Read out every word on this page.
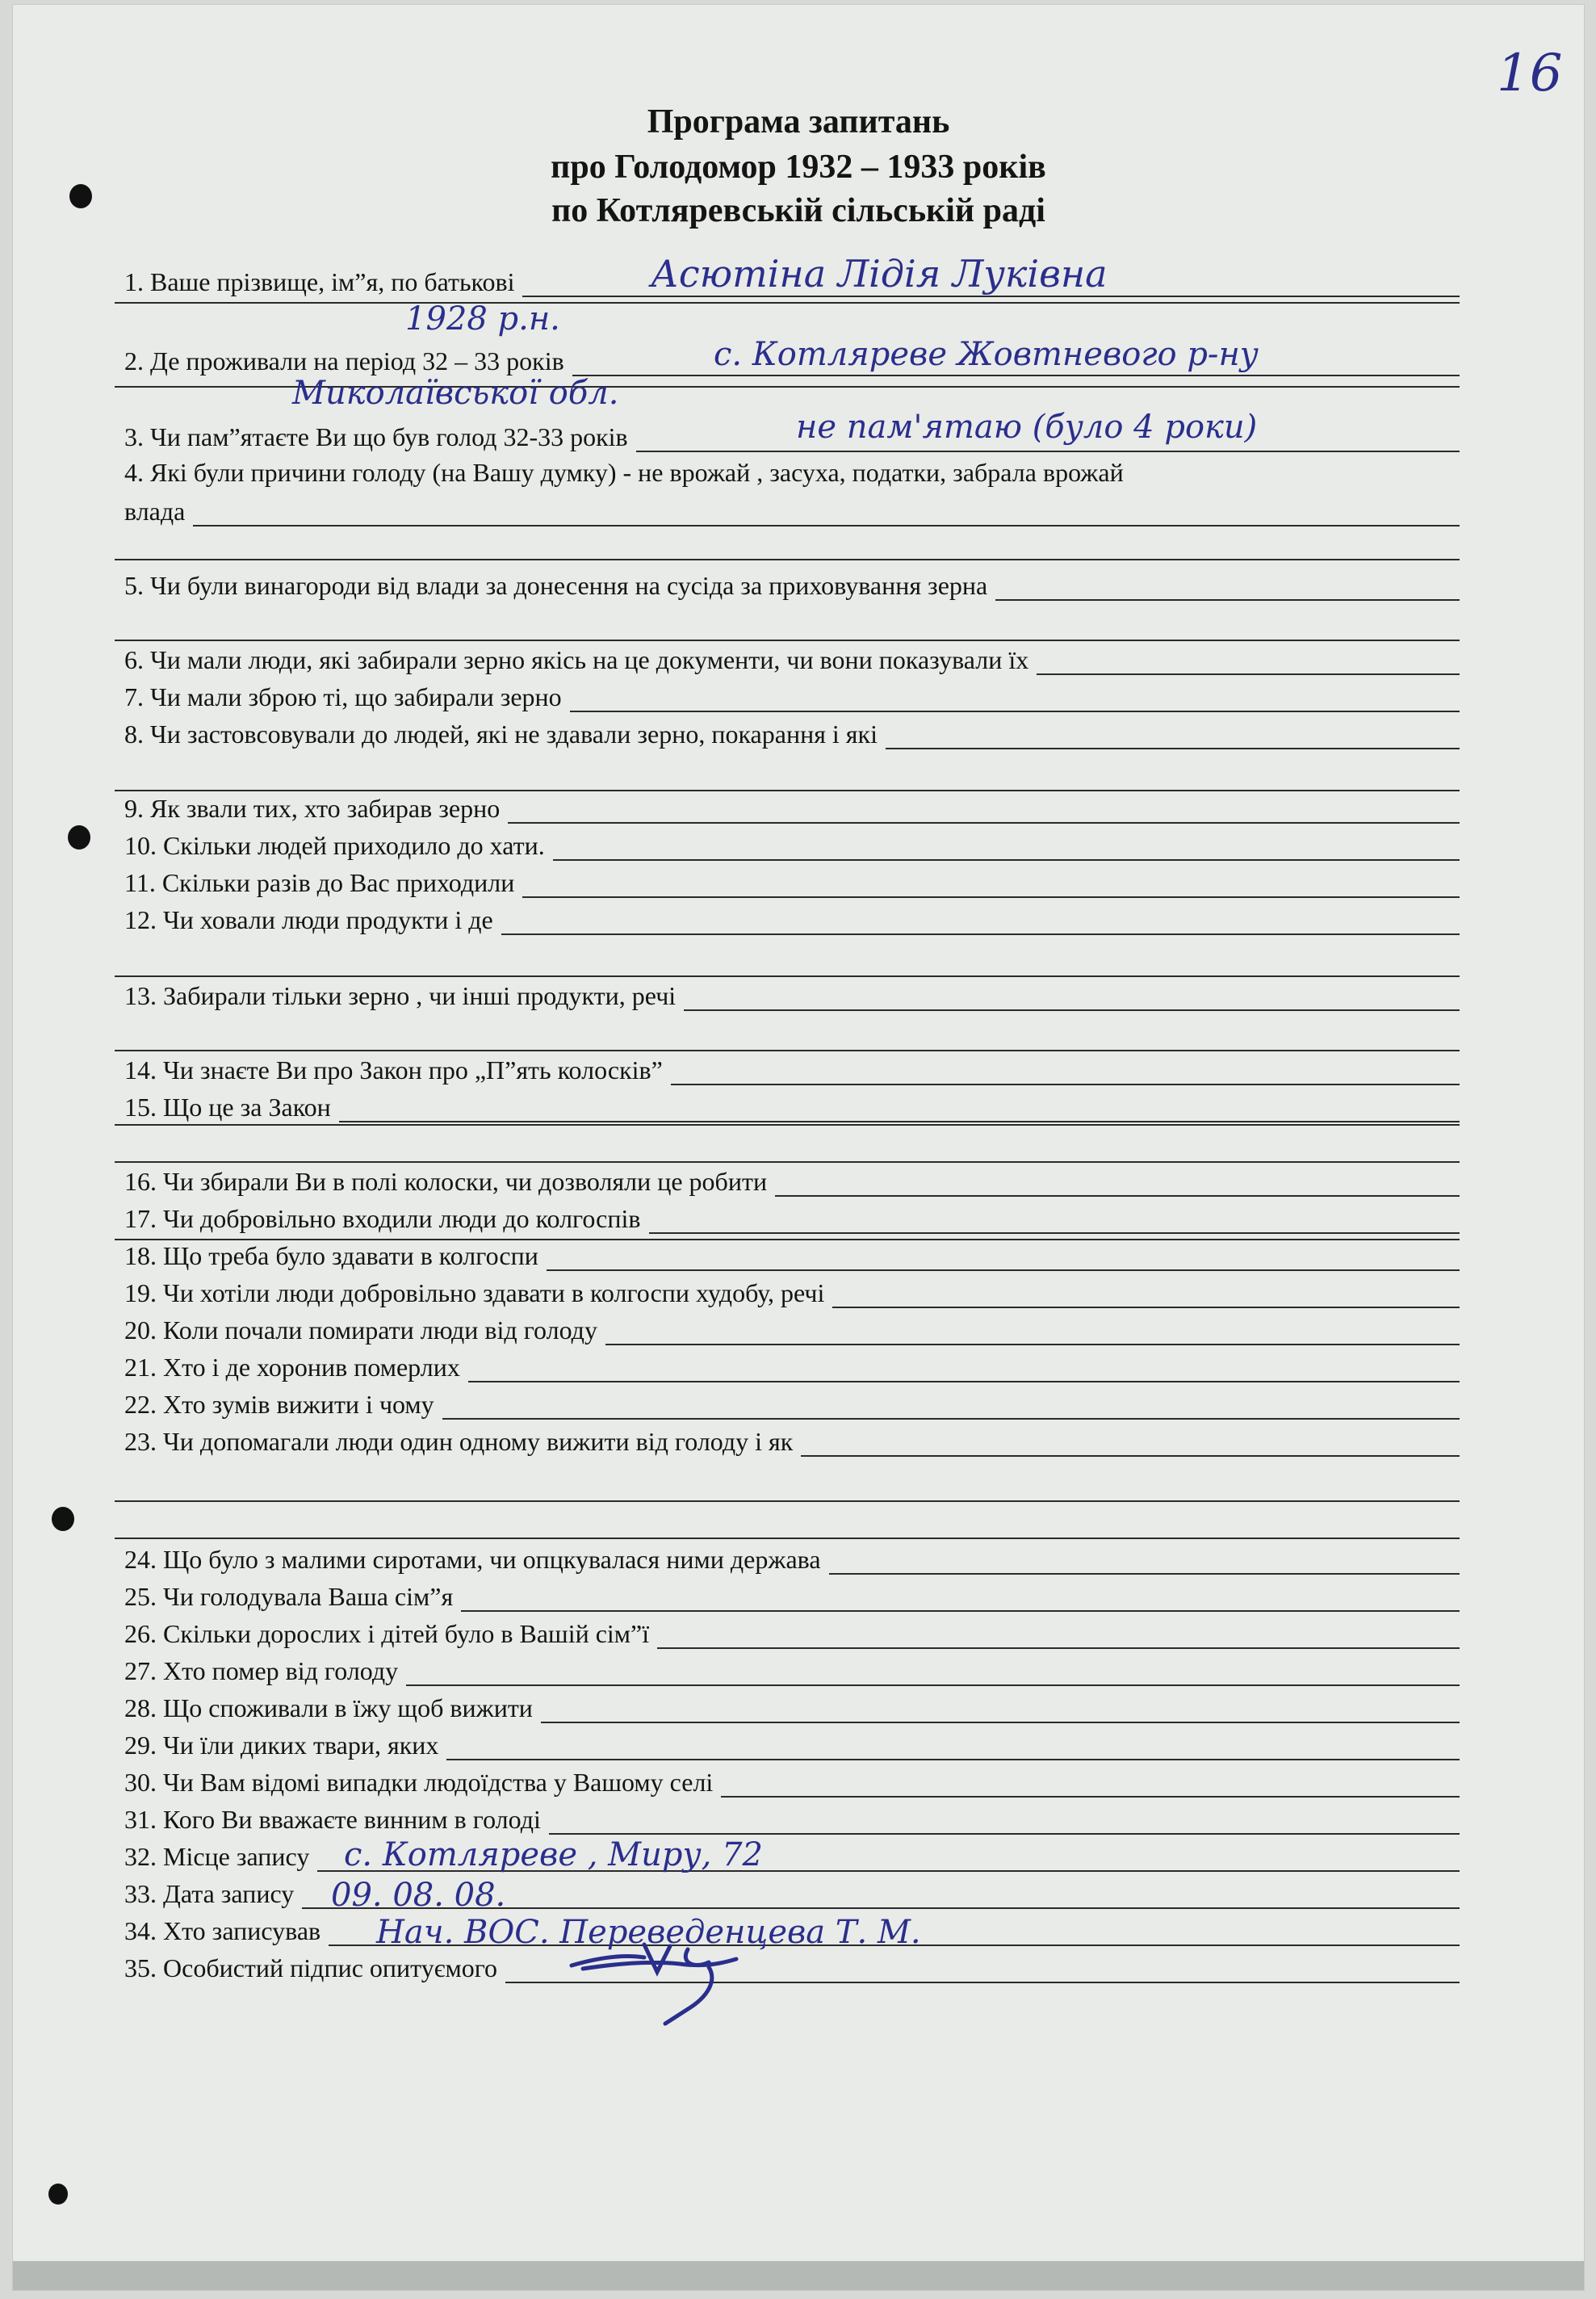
16
Програма запитань
про Голодомор 1932 – 1933 років
по Котляревській сільській раді
1. Ваше прізвище, ім”я, по батькові
2. Де проживали на період 32 – 33 років
3. Чи пам”ятаєте Ви що був голод 32-33 років
4. Які були причини голоду (на Вашу думку) - не врожай , засуха, податки, забрала врожай
влада
5. Чи були винагороди від влади за донесення на сусіда за приховування зерна
6. Чи мали люди, які забирали зерно якісь на це документи, чи вони показували їх
7. Чи мали зброю ті, що забирали зерно
8. Чи застовсовували до людей, які не здавали зерно, покарання і які
9. Як звали тих, хто забирав зерно
10. Скільки людей приходило до хати.
11. Скільки разів до Вас приходили
12. Чи ховали люди продукти і де
13. Забирали тільки зерно , чи інші продукти, речі
14. Чи знаєте Ви про Закон про „П”ять колосків”
15. Що це за Закон
16. Чи збирали Ви в полі колоски, чи дозволяли це робити
17. Чи добровільно входили люди до колгоспів
18. Що треба було здавати в колгоспи
19. Чи хотіли люди добровільно здавати в колгоспи худобу, речі
20. Коли почали помирати люди від голоду
21. Хто і де хоронив померлих
22. Хто зумів вижити і чому
23. Чи допомагали люди один одному вижити від голоду і як
24. Що було з малими сиротами, чи опцкувалася ними держава
25. Чи голодувала Ваша сім”я
26. Скільки дорослих і дітей було в Вашій сім”ї
27. Хто помер від голоду
28. Що споживали в їжу щоб вижити
29. Чи їли диких твари, яких
30. Чи Вам відомі випадки людоїдства у Вашому селі
31. Кого Ви вважаєте винним в голоді
32. Місце запису
33. Дата запису
34. Хто записував
35. Особистий підпис опитуємого
Асютіна Лідія Луківна
1928 р.н.
с. Котляреве Жовтневого р-ну
Миколаївської обл.
не пам'ятаю (було 4 роки)
с. Котляреве , Миру, 72
09. 08. 08.
Нач. ВОС. Переведенцева Т. М.
